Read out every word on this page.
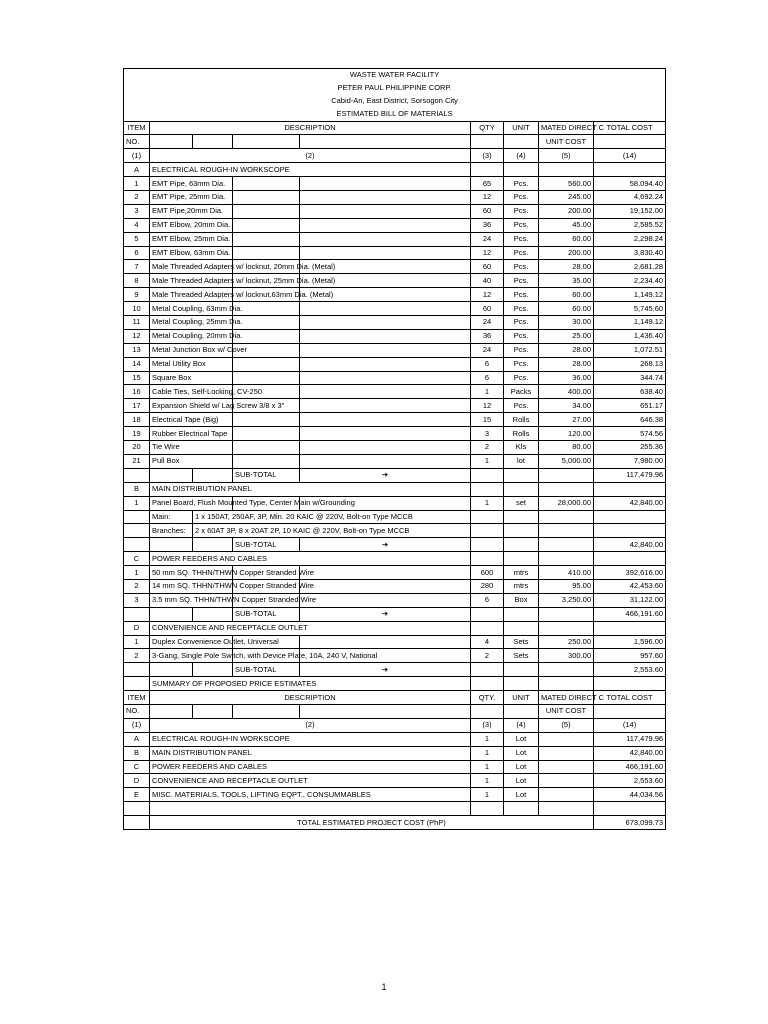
WASTE WATER FACILITY								
PETER PAUL PHILIPPINE CORP.								
Cabid-An, East District, Sorsogon City								
ESTIMATED BILL OF MATERIALS								
ITEM	DESCRIPTION				QTY	UNIT	MATED DIRECT C	TOTAL COST
NO.							UNIT COST	
(1)	(2)				(3)	(4)	(5)	(14)
A	ELECTRICAL ROUGH-IN WORKSCOPE							
1	EMT Pipe, 63mm Dia.				65	Pcs.	560.00	58,094.40
2	EMT Pipe, 25mm Dia.				12	Pcs.	245.00	4,692.24
3	EMT Pipe,20mm Dia.				60	Pcs.	200.00	19,152.00
4	EMT Elbow, 20mm Dia.				36	Pcs.	45.00	2,585.52
5	EMT Elbow, 25mm Dia.				24	Pcs.	60.00	2,298.24
6	EMT Elbow, 63mm Dia.				12	Pcs.	200.00	3,830.40
7	Male Threaded Adapters w/ locknut, 20mm Dia. (Metal)				60	Pcs.	28.00	2,681.28
8	Male Threaded Adapters w/ locknut, 25mm Dia. (Metal)				40	Pcs.	35.00	2,234.40
9	Male Threaded Adapters w/ locknut,63mm Dia. (Metal)				12	Pcs.	60.00	1,149.12
10	Metal Coupling, 63mm Dia.				60	Pcs.	60.00	5,745.60
11	Metal Coupling, 25mm Dia.				24	Pcs.	30.00	1,149.12
12	Metal Coupling, 20mm Dia.				36	Pcs.	25.00	1,436.40
13	Metal Junction Box w/ Cover				24	Pcs.	28.00	1,072.51
14	Metal Utility Box				6	Pcs.	28.00	268.13
15	Square Box				6	Pcs.	36.00	344.74
16	Cable Ties, Self-Locking, CV-250				1	Packs	400.00	638.40
17	Expansion Shield w/ Lag Screw 3/8 x 3"				12	Pcs.	34.00	651.17
18	Electrical Tape (Big)				15	Rolls	27.00	646.38
19	Rubber Electrical Tape				3	Rolls	120.00	574.56
20	Tie Wire				2	Kls	80.00	255.36
21	Pull Box				1	lot	5,000.00	7,980.00
			SUB-TOTAL	➔				117,479.96
B	MAIN DISTRIBUTION PANEL							
1	Panel Board, Flush Mounted Type, Center Main w/Grounding				1	set	28,000.00	42,840.00
	Main:	1 x 150AT, 250AF, 3P, Min. 20 KAIC @ 220V, Bolt-on Type MCCB						
	Branches:	2 x 60AT 3P, 8 x 20AT 2P, 10 KAIC @ 220V, Bolt-on Type MCCB						
			SUB-TOTAL	➔				42,840.00
C	POWER FEEDERS AND CABLES							
1	50 mm SQ. THHN/THWN Copper Stranded Wire				600	mtrs	410.00	392,616.00
2	14 mm SQ. THHN/THWN Copper Stranded Wire				280	mtrs	95.00	42,453.60
3	3.5 mm SQ. THHN/THWN Copper Stranded Wire				6	Box	3,250.00	31,122.00
			SUB-TOTAL	➔				466,191.60
D	CONVENIENCE AND RECEPTACLE OUTLET							
1	Duplex Convenience Outlet, Universal				4	Sets	250.00	1,596.00
2	3-Gang, Single Pole Switch, with Device Plate, 10A, 240 V, National				2	Sets	300.00	957.60
			SUB-TOTAL	➔				2,553.60
	SUMMARY OF PROPOSED PRICE ESTIMATES							
ITEM	DESCRIPTION				QTY.	UNIT	MATED DIRECT C	TOTAL COST
NO.							UNIT COST	
(1)	(2)				(3)	(4)	(5)	(14)
A	ELECTRICAL ROUGH-IN WORKSCOPE				1	Lot		117,479.96
B	MAIN DISTRIBUTION PANEL				1	Lot		42,840.00
C	POWER FEEDERS AND CABLES				1	Lot		466,191.60
D	CONVENIENCE AND RECEPTACLE OUTLET				1	Lot		2,553.60
E	MISC. MATERIALS, TOOLS, LIFTING EQPT., CONSUMMABLES				1	Lot		44,034.56

	TOTAL ESTIMATED PROJECT COST (PhP)							673,099.73
1
